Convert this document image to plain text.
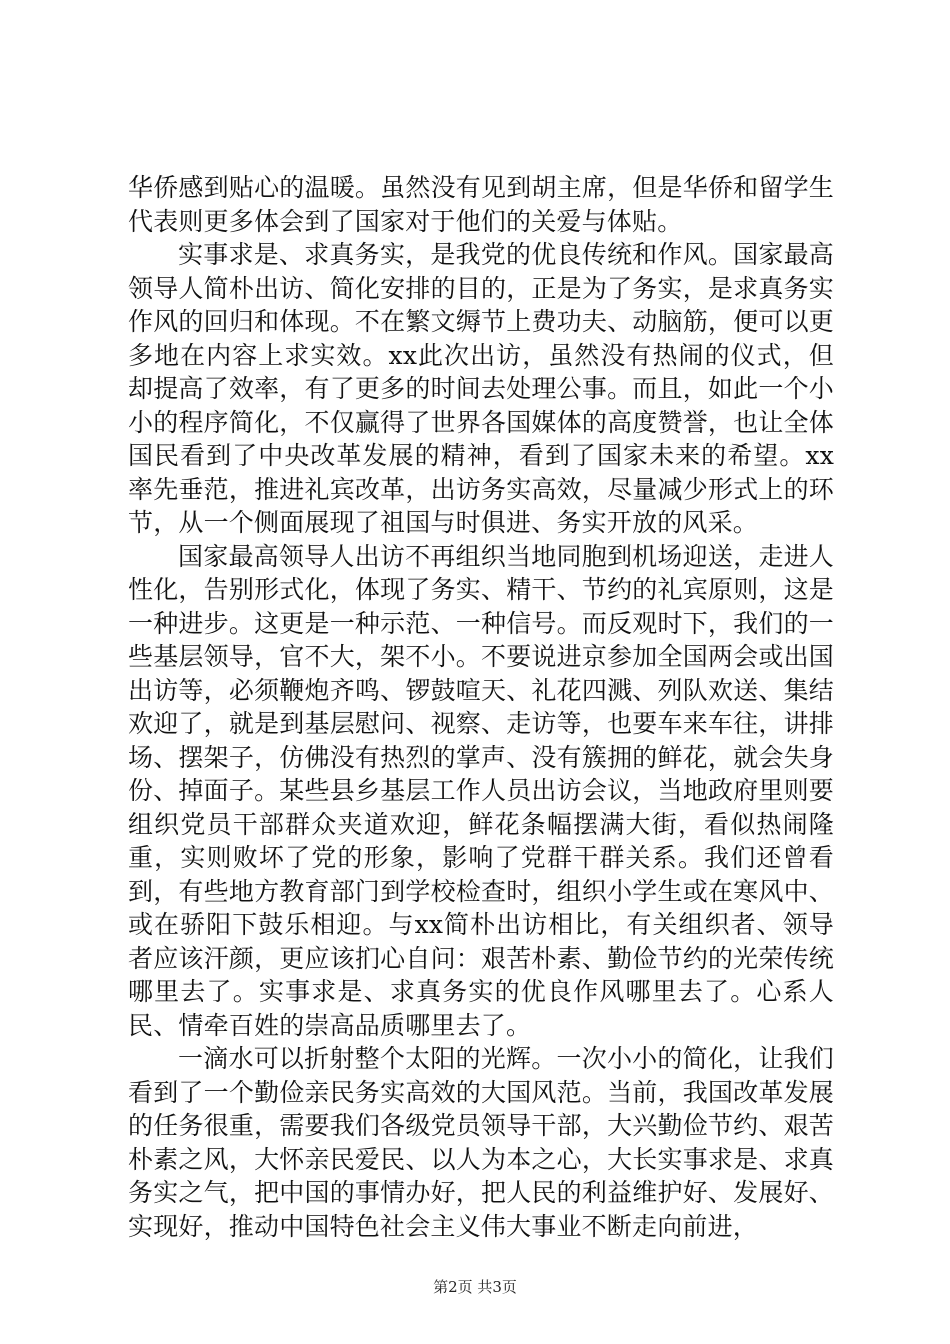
华侨感到贴心的温暖。虽然没有见到胡主席，但是华侨和留学生代表则更多体会到了国家对于他们的关爱与体贴。

实事求是、求真务实，是我党的优良传统和作风。国家最高领导人简朴出访、简化安排的目的，正是为了务实，是求真务实作风的回归和体现。不在繁文缛节上费功夫、动脑筋，便可以更多地在内容上求实效。xx此次出访，虽然没有热闹的仪式，但却提高了效率，有了更多的时间去处理公事。而且，如此一个小小的程序简化，不仅赢得了世界各国媒体的高度赞誉，也让全体国民看到了中央改革发展的精神，看到了国家未来的希望。xx率先垂范，推进礼宾改革，出访务实高效，尽量减少形式上的环节，从一个侧面展现了祖国与时俱进、务实开放的风采。

国家最高领导人出访不再组织当地同胞到机场迎送，走进人性化，告别形式化，体现了务实、精干、节约的礼宾原则，这是一种进步。这更是一种示范、一种信号。而反观时下，我们的一些基层领导，官不大，架不小。不要说进京参加全国两会或出国出访等，必须鞭炮齐鸣、锣鼓喧天、礼花四溅、列队欢送、集结欢迎了，就是到基层慰问、视察、走访等，也要车来车往，讲排场、摆架子，仿佛没有热烈的掌声、没有簇拥的鲜花，就会失身份、掉面子。某些县乡基层工作人员出访会议，当地政府里则要组织党员干部群众夹道欢迎，鲜花条幅摆满大街，看似热闹隆重，实则败坏了党的形象，影响了党群干群关系。我们还曾看到，有些地方教育部门到学校检查时，组织小学生或在寒风中、或在骄阳下鼓乐相迎。与xx简朴出访相比，有关组织者、领导者应该汗颜，更应该扪心自问：艰苦朴素、勤俭节约的光荣传统哪里去了。实事求是、求真务实的优良作风哪里去了。心系人民、情牵百姓的崇高品质哪里去了。

一滴水可以折射整个太阳的光辉。一次小小的简化，让我们看到了一个勤俭亲民务实高效的大国风范。当前，我国改革发展的任务很重，需要我们各级党员领导干部，大兴勤俭节约、艰苦朴素之风，大怀亲民爱民、以人为本之心，大长实事求是、求真务实之气，把中国的事情办好，把人民的利益维护好、发展好、实现好，推动中国特色社会主义伟大事业不断走向前进，

第2页 共3页
